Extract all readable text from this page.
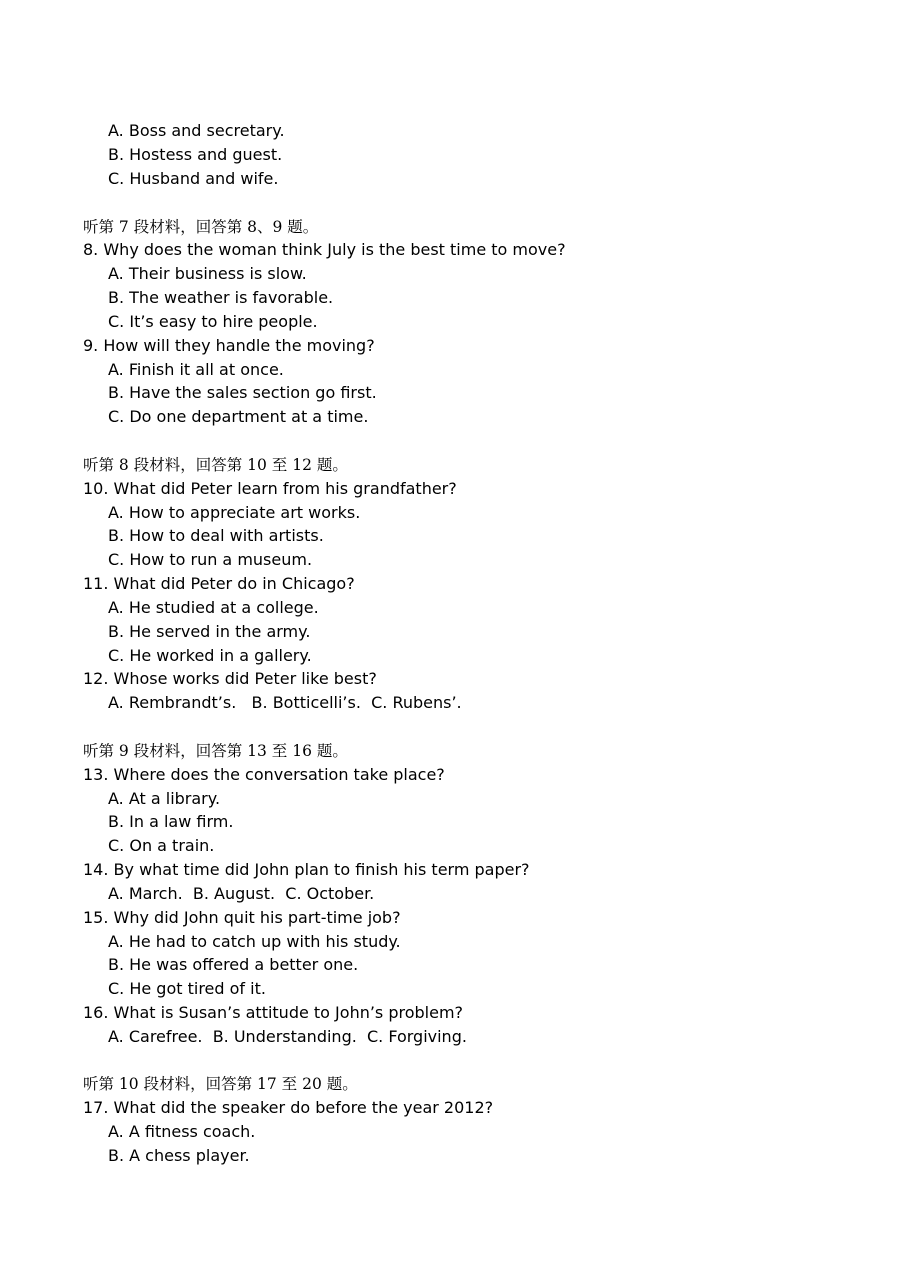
A. Boss and secretary.
B. Hostess and guest.
C. Husband and wife.
听第 7 段材料，回答第 8、9 题。
8. Why does the woman think July is the best time to move?
A. Their business is slow.
B. The weather is favorable.
C. It’s easy to hire people.
9. How will they handle the moving?
A. Finish it all at once.
B. Have the sales section go first.
C. Do one department at a time.
听第 8 段材料，回答第 10 至 12 题。
10. What did Peter learn from his grandfather?
A. How to appreciate art works.
B. How to deal with artists.
C. How to run a museum.
11. What did Peter do in Chicago?
A. He studied at a college.
B. He served in the army.
C. He worked in a gallery.
12. Whose works did Peter like best?
A. Rembrandt’s.   B. Botticelli’s.  C. Rubens’.
听第 9 段材料，回答第 13 至 16 题。
13. Where does the conversation take place?
A. At a library.
B. In a law firm.
C. On a train.
14. By what time did John plan to finish his term paper?
A. March.  B. August.  C. October.
15. Why did John quit his part-time job?
A. He had to catch up with his study.
B. He was offered a better one.
C. He got tired of it.
16. What is Susan’s attitude to John’s problem?
A. Carefree.  B. Understanding.  C. Forgiving.
听第 10 段材料，回答第 17 至 20 题。
17. What did the speaker do before the year 2012?
A. A fitness coach.
B. A chess player.
